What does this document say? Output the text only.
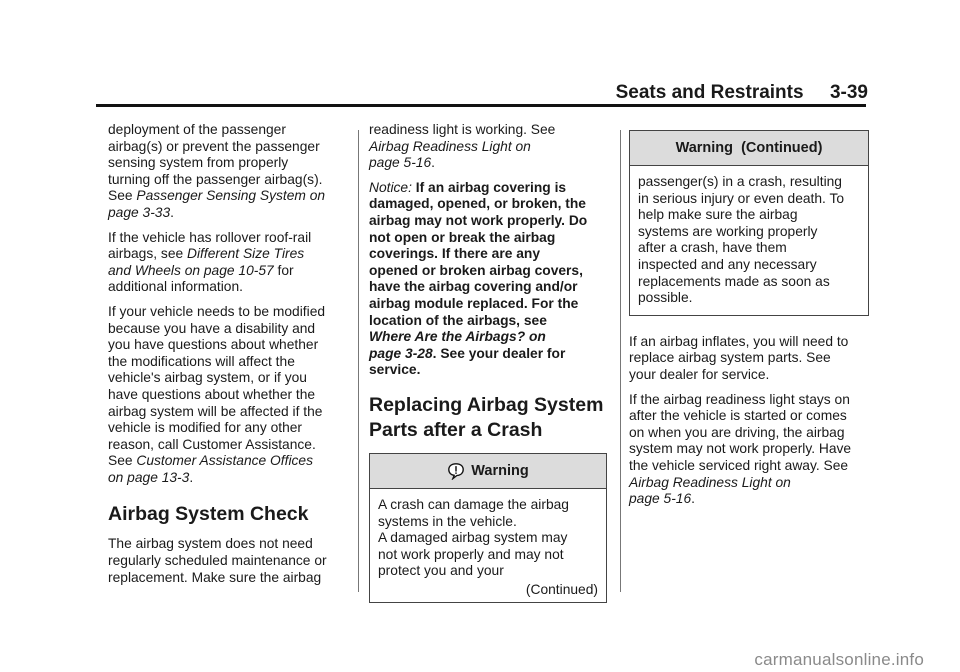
Seats and Restraints 3-39

deployment of the passenger
airbag(s) or prevent the passenger
sensing system from properly
turning off the passenger airbag(s).
See Passenger Sensing System on
page 3-33.

If the vehicle has rollover roof-rail
airbags, see Different Size Tires
and Wheels on page 10-57 for
additional information.

If your vehicle needs to be modified
because you have a disability and
you have questions about whether
the modifications will affect the
vehicle's airbag system, or if you
have questions about whether the
airbag system will be affected if the
vehicle is modified for any other
reason, call Customer Assistance.
See Customer Assistance Offices
on page 13-3.

Airbag System Check

The airbag system does not need
regularly scheduled maintenance or
replacement. Make sure the airbag

readiness light is working. See
Airbag Readiness Light on
page 5-16.

Notice: If an airbag covering is
damaged, opened, or broken, the
airbag may not work properly. Do
not open or break the airbag
coverings. If there are any
opened or broken airbag covers,
have the airbag covering and/or
airbag module replaced. For the
location of the airbags, see
Where Are the Airbags? on
page 3-28. See your dealer for
service.

Replacing Airbag System
Parts after a Crash
Warning
A crash can damage the airbag
systems in the vehicle.
A damaged airbag system may
not work properly and may not
protect you and your
(Continued)
Warning  (Continued)
passenger(s) in a crash, resulting
in serious injury or even death. To
help make sure the airbag
systems are working properly
after a crash, have them
inspected and any necessary
replacements made as soon as
possible.

If an airbag inflates, you will need to
replace airbag system parts. See
your dealer for service.

If the airbag readiness light stays on
after the vehicle is started or comes
on when you are driving, the airbag
system may not work properly. Have
the vehicle serviced right away. See
Airbag Readiness Light on
page 5-16.

carmanualsonline.info
